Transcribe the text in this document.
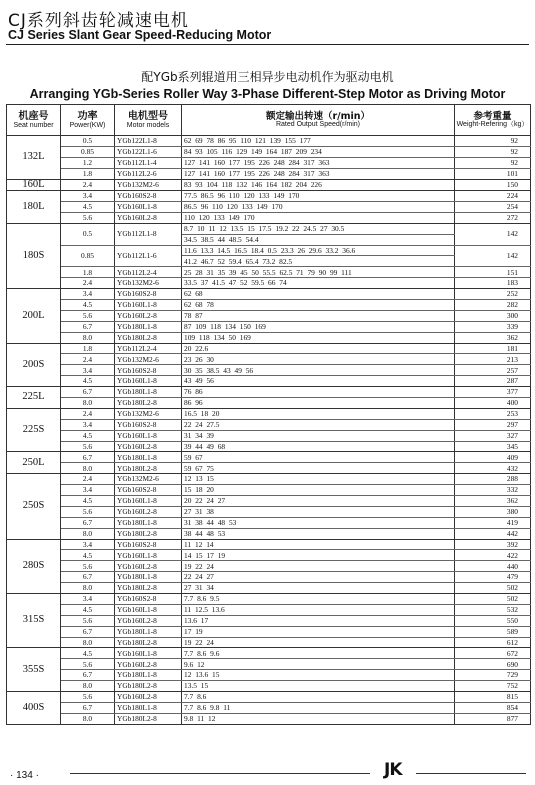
CJ系列斜齿轮减速电机
CJ Series Slant Gear Speed-Reducing Motor
配YGb系列辊道用三相异步电动机作为驱动电机
Arranging YGb-Series Roller Way 3-Phase Different-Step Motor as Driving Motor
机座号
Seat number	功率
Power(KW)	电机型号
Motor models	额定输出转速（r/min）
Rated Output Speed(r/min)	参考重量
Weight-Refering（kg）

132L	0.5	YGb122L1-8	62 69 78 86 95 110 121 139 155 177	92
	0.85	YGb122L1-6	84 93 105 116 129 149 164 187 209 234	92
	1.2	YGb112L1-4	127 141 160 177 195 226 248 284 317 363	92
	1.8	YGb112L2-6	127 141 160 177 195 226 248 284 317 363	101
160L	2.4	YGb132M2-6	83 93 104 118 132 146 164 182 204 226	150
180L	3.4	YGb160S2-8	77.5 86.5 96 110 120 133 149 170	224
	4.5	YGb160L1-8	86.5 96 110 120 133 149 170	254
	5.6	YGb160L2-8	110 120 133 149 170	272
180S	0.5	YGb112L1-8	8.7 10 11 12 13.5 15 17.5 19.2 22 24.5 27 30.5	142
			34.5 38.5 44 48.5 54.4	
	0.85	YGb112L1-6	11.6 13.3 14.5 16.5 18.4 0.5 23.3 26 29.6 33.2 36.6	142
			41.2 46.7 52 59.4 65.4 73.2 82.5	
	1.8	YGb112L2-4	25 28 31 35 39 45 50 55.5 62.5 71 79 90 99 111	151
	2.4	YGb132M2-6	33.5 37 41.5 47 52 59.5 66 74	183
200L	3.4	YGb160S2-8	62 68	252
	4.5	YGb160L1-8	62 68 78	282
	5.6	YGb160L2-8	78 87	300
	6.7	YGb180L1-8	87 109 118 134 150 169	339
	8.0	YGb180L2-8	109 118 134 50 169	362
200S	1.8	YGb112L2-4	20 22.6	181
	2.4	YGb132M2-6	23 26 30	213
	3.4	YGb160S2-8	30 35 38.5 43 49 56	257
	4.5	YGb160L1-8	43 49 56	287
225L	6.7	YGb180L1-8	76 86	377
	8.0	YGb180L2-8	86 96	400
225S	2.4	YGb132M2-6	16.5 18 20	253
	3.4	YGb160S2-8	22 24 27.5	297
	4.5	YGb160L1-8	31 34 39	327
	5.6	YGb160L2-8	39 44 49 68	345
250L	6.7	YGb180L1-8	59 67	409
	8.0	YGb180L2-8	59 67 75	432
250S	2.4	YGb132M2-6	12 13 15	288
	3.4	YGb160S2-8	15 18 20	332
	4.5	YGb160L1-8	20 22 24 27	362
	5.6	YGb160L2-8	27 31 38	380
	6.7	YGb180L1-8	31 38 44 48 53	419
	8.0	YGb180L2-8	38 44 48 53	442
280S	3.4	YGb160S2-8	11 12 14	392
	4.5	YGb160L1-8	14 15 17 19	422
	5.6	YGb160L2-8	19 22 24	440
	6.7	YGb180L1-8	22 24 27	479
	8.0	YGb180L2-8	27 31 34	502
315S	3.4	YGb160S2-8	7.7 8.6 9.5	502
	4.5	YGb160L1-8	11 12.5 13.6	532
	5.6	YGb160L2-8	13.6 17	550
	6.7	YGb180L1-8	17 19	589
	8.0	YGb180L2-8	19 22 24	612
355S	4.5	YGb160L1-8	7.7 8.6 9.6	672
	5.6	YGb160L2-8	9.6 12	690
	6.7	YGb180L1-8	12 13.6 15	729
	8.0	YGb180L2-8	13.5 15	752
400S	5.6	YGb160L2-8	7.7 8.6	815
	6.7	YGb180L1-8	7.7 8.6 9.8 11	854
	8.0	YGb180L2-8	9.8 11 12	877
· 134 ·	JK
